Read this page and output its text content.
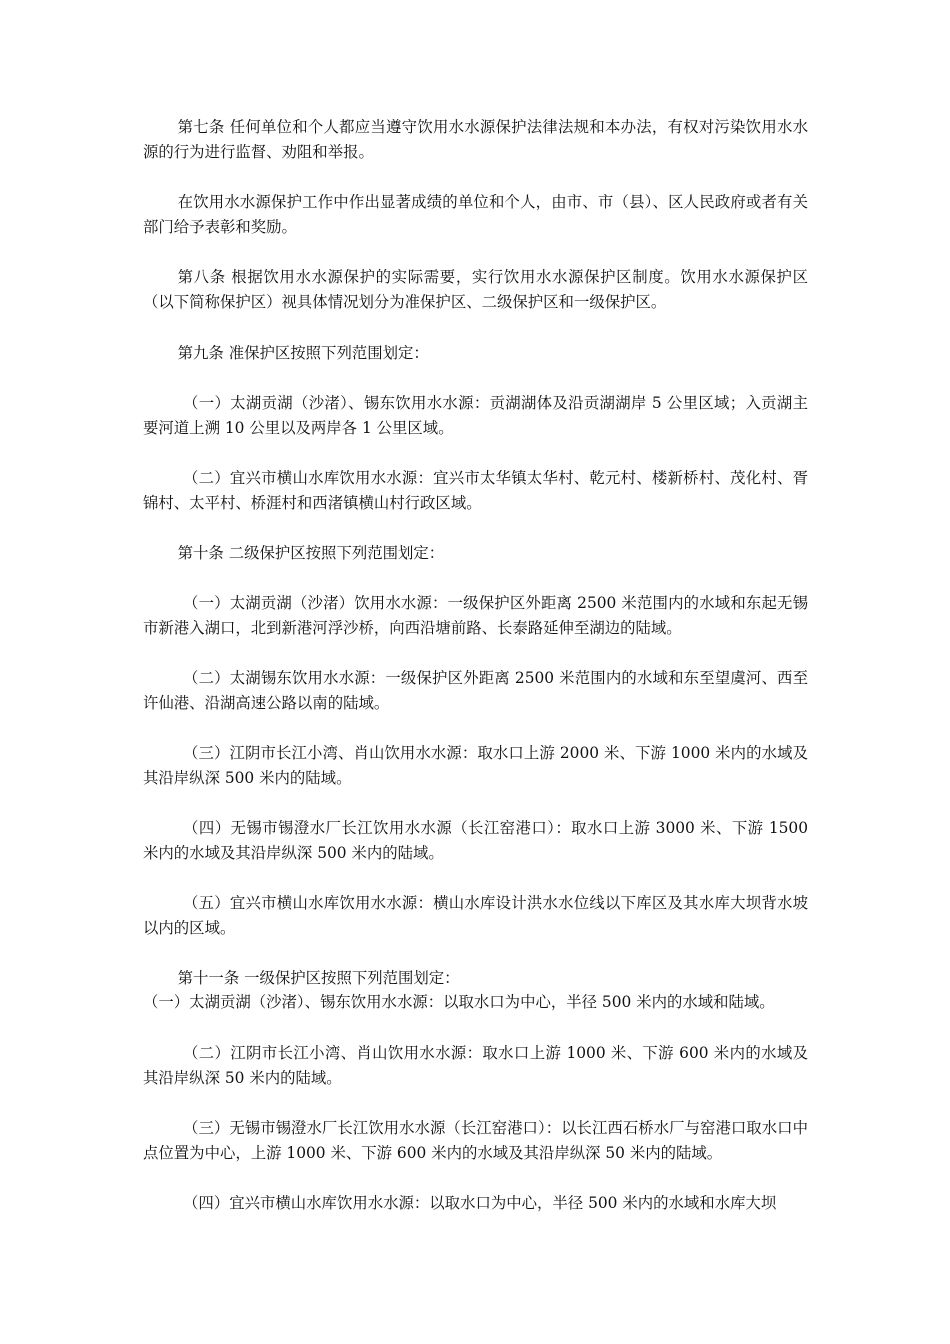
第七条 任何单位和个人都应当遵守饮用水水源保护法律法规和本办法，有权对污染饮用水水源的行为进行监督、劝阻和举报。

在饮用水水源保护工作中作出显著成绩的单位和个人，由市、市（县）、区人民政府或者有关部门给予表彰和奖励。

第八条 根据饮用水水源保护的实际需要，实行饮用水水源保护区制度。饮用水水源保护区（以下简称保护区）视具体情况划分为准保护区、二级保护区和一级保护区。

第九条 准保护区按照下列范围划定：

（一）太湖贡湖（沙渚）、锡东饮用水水源：贡湖湖体及沿贡湖湖岸 5 公里区域；入贡湖主要河道上溯 10 公里以及两岸各 1 公里区域。

（二）宜兴市横山水库饮用水水源：宜兴市太华镇太华村、乾元村、楼新桥村、茂化村、胥锦村、太平村、桥涯村和西渚镇横山村行政区域。

第十条 二级保护区按照下列范围划定：

（一）太湖贡湖（沙渚）饮用水水源：一级保护区外距离 2500 米范围内的水域和东起无锡市新港入湖口，北到新港河浮沙桥，向西沿塘前路、长泰路延伸至湖边的陆域。

（二）太湖锡东饮用水水源：一级保护区外距离 2500 米范围内的水域和东至望虞河、西至许仙港、沿湖高速公路以南的陆域。

（三）江阴市长江小湾、肖山饮用水水源：取水口上游 2000 米、下游 1000 米内的水域及其沿岸纵深 500 米内的陆域。

（四）无锡市锡澄水厂长江饮用水水源（长江窑港口）：取水口上游 3000 米、下游 1500 米内的水域及其沿岸纵深 500 米内的陆域。

（五）宜兴市横山水库饮用水水源：横山水库设计洪水水位线以下库区及其水库大坝背水坡以内的区域。

第十一条 一级保护区按照下列范围划定：

（一）太湖贡湖（沙渚）、锡东饮用水水源：以取水口为中心，半径 500 米内的水域和陆域。

（二）江阴市长江小湾、肖山饮用水水源：取水口上游 1000 米、下游 600 米内的水域及其沿岸纵深 50 米内的陆域。

（三）无锡市锡澄水厂长江饮用水水源（长江窑港口）：以长江西石桥水厂与窑港口取水口中点位置为中心，上游 1000 米、下游 600 米内的水域及其沿岸纵深 50 米内的陆域。

（四）宜兴市横山水库饮用水水源：以取水口为中心，半径 500 米内的水域和水库大坝
